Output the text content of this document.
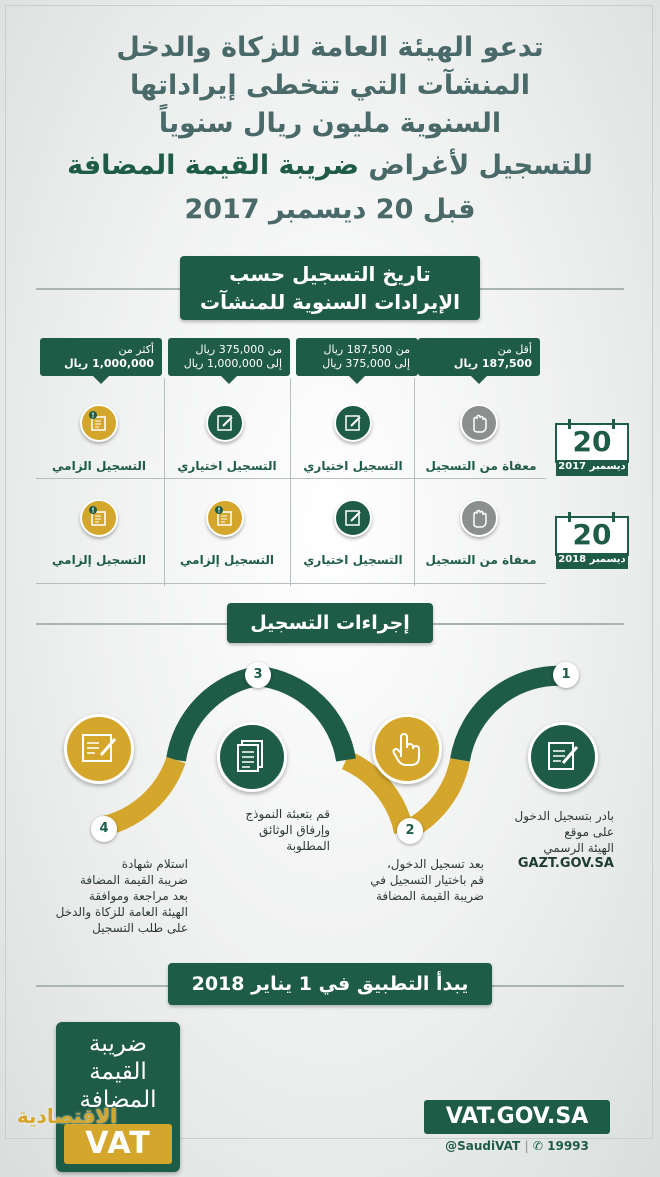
تدعو الهيئة العامة للزكاة والدخل
المنشآت التي تتخطى إيراداتها
السنوية مليون ريال سنوياً
للتسجيل لأغراض ضريبة القيمة المضافة
قبل 20 ديسمبر 2017
تاريخ التسجيل حسب
الإيرادات السنوية للمنشآت
أقل من
187,500 ريال
من 187,500 ريال
إلى 375,000 ريال
من 375,000 ريال
إلى 1,000,000 ريال
أكثر من
1,000,000 ريال
معفاة من التسجيل
التسجيل اختياري
التسجيل اختياري
التسجيل الزامي
20
ديسمبر 2017
معفاة من التسجيل
التسجيل اختياري
التسجيل إلزامي
التسجيل إلزامي
20
ديسمبر 2018
إجراءات التسجيل
1
2
3
4
بادر بتسجيل الدخول
على موقع
الهيئة الرسمي
GAZT.GOV.SA
بعد تسجيل الدخول،
قم باختيار التسجيل في
ضريبة القيمة المضافة
قم بتعبئة النموذج
وإرفاق الوثائق
المطلوبة
استلام شهادة
ضريبة القيمة المضافة
بعد مراجعة وموافقة
الهيئة العامة للزكاة والدخل
على طلب التسجيل
يبدأ التطبيق في 1 يناير 2018
ضريبة
القيمة
المضافة
VAT
الاقتصادية	VAT.GOV.SA
@SaudiVAT | ✆ 19993
